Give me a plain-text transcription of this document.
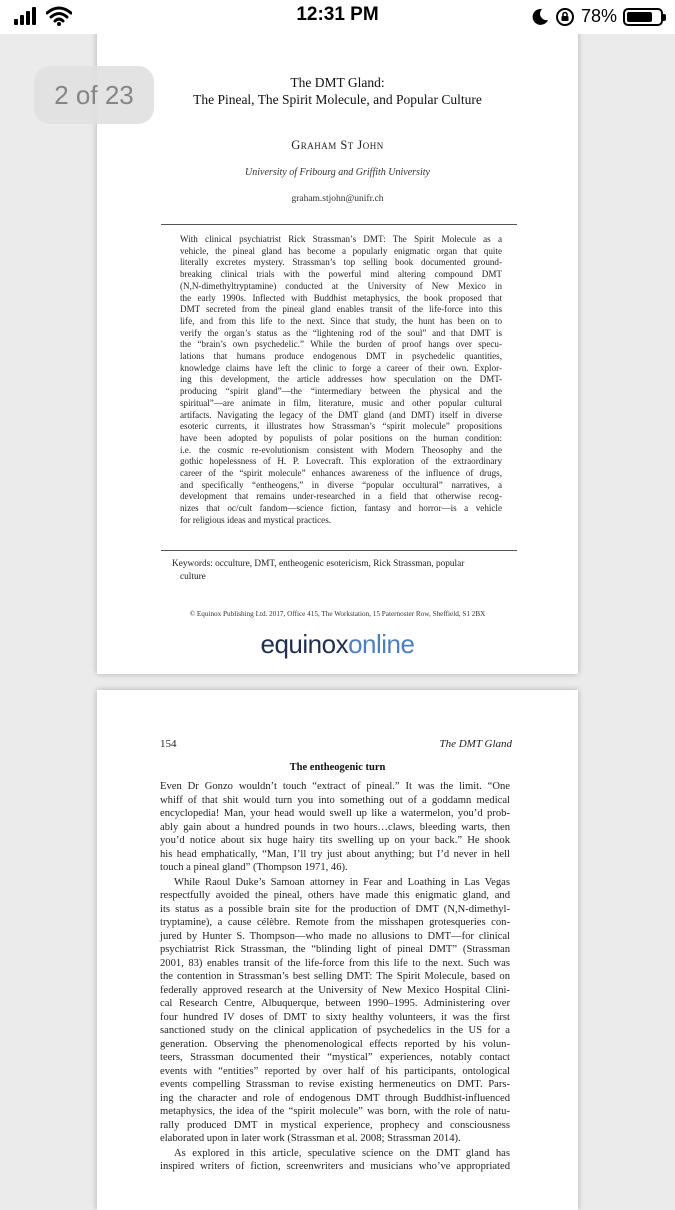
12:31 PM	78%
2 of 23	The DMT Gland:
The Pineal, The Spirit Molecule, and Popular Culture
Graham St John
University of Fribourg and Griffith University
graham.stjohn@unifr.ch
With clinical psychiatrist Rick Strassman’s DMT: The Spirit Molecule as a
vehicle, the pineal gland has become a popularly enigmatic organ that quite
literally excretes mystery. Strassman’s top selling book documented ground-
breaking clinical trials with the powerful mind altering compound DMT
(N,N-dimethyltryptamine) conducted at the University of New Mexico in
the early 1990s. Inflected with Buddhist metaphysics, the book proposed that
DMT secreted from the pineal gland enables transit of the life-force into this
life, and from this life to the next. Since that study, the hunt has been on to
verify the organ’s status as the “lightening rod of the soul” and that DMT is
the “brain’s own psychedelic.” While the burden of proof hangs over specu-
lations that humans produce endogenous DMT in psychedelic quantities,
knowledge claims have left the clinic to forge a career of their own. Explor-
ing this development, the article addresses how speculation on the DMT-
producing “spirit gland”—the “intermediary between the physical and the
spiritual”—are animate in film, literature, music and other popular cultural
artifacts. Navigating the legacy of the DMT gland (and DMT) itself in diverse
esoteric currents, it illustrates how Strassman’s “spirit molecule” propositions
have been adopted by populists of polar positions on the human condition:
i.e. the cosmic re-evolutionism consistent with Modern Theosophy and the
gothic hopelessness of H. P. Lovecraft. This exploration of the extraordinary
career of the “spirit molecule” enhances awareness of the influence of drugs,
and specifically “entheogens,” in diverse “popular occultural” narratives, a
development that remains under-researched in a field that otherwise recog-
nizes that oc/cult fandom—science fiction, fantasy and horror—is a vehicle
for religious ideas and mystical practices.
Keywords: occulture, DMT, entheogenic esotericism, Rick Strassman, popular
culture
© Equinox Publishing Ltd. 2017, Office 415, The Workstation, 15 Paternoster Row, Sheffield, S1 2BX
equinoxonline
154	The DMT Gland
The entheogenic turn
Even Dr Gonzo wouldn’t touch “extract of pineal.” It was the limit. “One
whiff of that shit would turn you into something out of a goddamn medical
encyclopedia! Man, your head would swell up like a watermelon, you’d prob-
ably gain about a hundred pounds in two hours…claws, bleeding warts, then
you’d notice about six huge hairy tits swelling up on your back.” He shook
his head emphatically, “Man, I’ll try just about anything; but I’d never in hell
touch a pineal gland” (Thompson 1971, 46).
While Raoul Duke’s Samoan attorney in Fear and Loathing in Las Vegas
respectfully avoided the pineal, others have made this enigmatic gland, and
its status as a possible brain site for the production of DMT (N,N-dimethyl-
tryptamine), a cause célèbre. Remote from the misshapen grotesqueries con-
jured by Hunter S. Thompson—who made no allusions to DMT—for clinical
psychiatrist Rick Strassman, the “blinding light of pineal DMT” (Strassman
2001, 83) enables transit of the life-force from this life to the next. Such was
the contention in Strassman’s best selling DMT: The Spirit Molecule, based on
federally approved research at the University of New Mexico Hospital Clini-
cal Research Centre, Albuquerque, between 1990–1995. Administering over
four hundred IV doses of DMT to sixty healthy volunteers, it was the first
sanctioned study on the clinical application of psychedelics in the US for a
generation. Observing the phenomenological effects reported by his volun-
teers, Strassman documented their “mystical” experiences, notably contact
events with “entities” reported by over half of his participants, ontological
events compelling Strassman to revise existing hermeneutics on DMT. Pars-
ing the character and role of endogenous DMT through Buddhist-influenced
metaphysics, the idea of the “spirit molecule” was born, with the role of natu-
rally produced DMT in mystical experience, prophecy and consciousness
elaborated upon in later work (Strassman et al. 2008; Strassman 2014).
As explored in this article, speculative science on the DMT gland has
inspired writers of fiction, screenwriters and musicians who’ve appropriated
